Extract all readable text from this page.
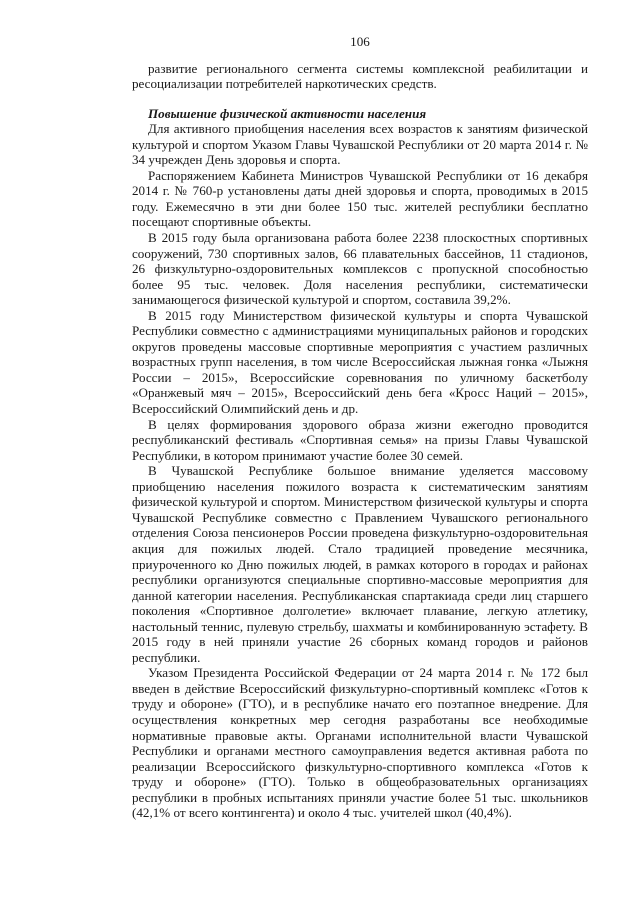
106

развитие регионального сегмента системы комплексной реабилитации и ресоциализации потребителей наркотических средств.

Повышение физической активности населения

Для активного приобщения населения всех возрастов к занятиям физической культурой и спортом Указом Главы Чувашской Республики от 20 марта 2014 г. № 34 учрежден День здоровья и спорта.

Распоряжением Кабинета Министров Чувашской Республики от 16 декабря 2014 г. № 760-р установлены даты дней здоровья и спорта, проводимых в 2015 году. Ежемесячно в эти дни более 150 тыс. жителей республики бесплатно посещают спортивные объекты.

В 2015 году была организована работа более 2238 плоскостных спортивных сооружений, 730 спортивных залов, 66 плавательных бассейнов, 11 стадионов, 26 физкультурно-оздоровительных комплексов с пропускной способностью более 95 тыс. человек. Доля населения республики, систематически занимающегося физической культурой и спортом, составила 39,2%.

В 2015 году Министерством физической культуры и спорта Чувашской Республики совместно с администрациями муниципальных районов и городских округов проведены массовые спортивные мероприятия с участием различных возрастных групп населения, в том числе Всероссийская лыжная гонка «Лыжня России – 2015», Всероссийские соревнования по уличному баскетболу «Оранжевый мяч – 2015», Всероссийский день бега «Кросс Наций – 2015», Всероссийский Олимпийский день и др.

В целях формирования здорового образа жизни ежегодно проводится республиканский фестиваль «Спортивная семья» на призы Главы Чувашской Республики, в котором принимают участие более 30 семей.

В Чувашской Республике большое внимание уделяется массовому приобщению населения пожилого возраста к систематическим занятиям физической культурой и спортом. Министерством физической культуры и спорта Чувашской Республике совместно с Правлением Чувашского регионального отделения Союза пенсионеров России проведена физкультурно-оздоровительная акция для пожилых людей. Стало традицией проведение месячника, приуроченного ко Дню пожилых людей, в рамках которого в городах и районах республики организуются специальные спортивно-массовые мероприятия для данной категории населения. Республиканская спартакиада среди лиц старшего поколения «Спортивное долголетие» включает плавание, легкую атлетику, настольный теннис, пулевую стрельбу, шахматы и комбинированную эстафету. В 2015 году в ней приняли участие 26 сборных команд городов и районов республики.

Указом Президента Российской Федерации от 24 марта 2014 г. № 172 был введен в действие Всероссийский физкультурно-спортивный комплекс «Готов к труду и обороне» (ГТО), и в республике начато его поэтапное внедрение. Для осуществления конкретных мер сегодня разработаны все необходимые нормативные правовые акты. Органами исполнительной власти Чувашской Республики и органами местного самоуправления ведется активная работа по реализации Всероссийского физкультурно-спортивного комплекса «Готов к труду и обороне» (ГТО). Только в общеобразовательных организациях республики в пробных испытаниях приняли участие более 51 тыс. школьников (42,1% от всего контингента) и около 4 тыс. учителей школ (40,4%).
